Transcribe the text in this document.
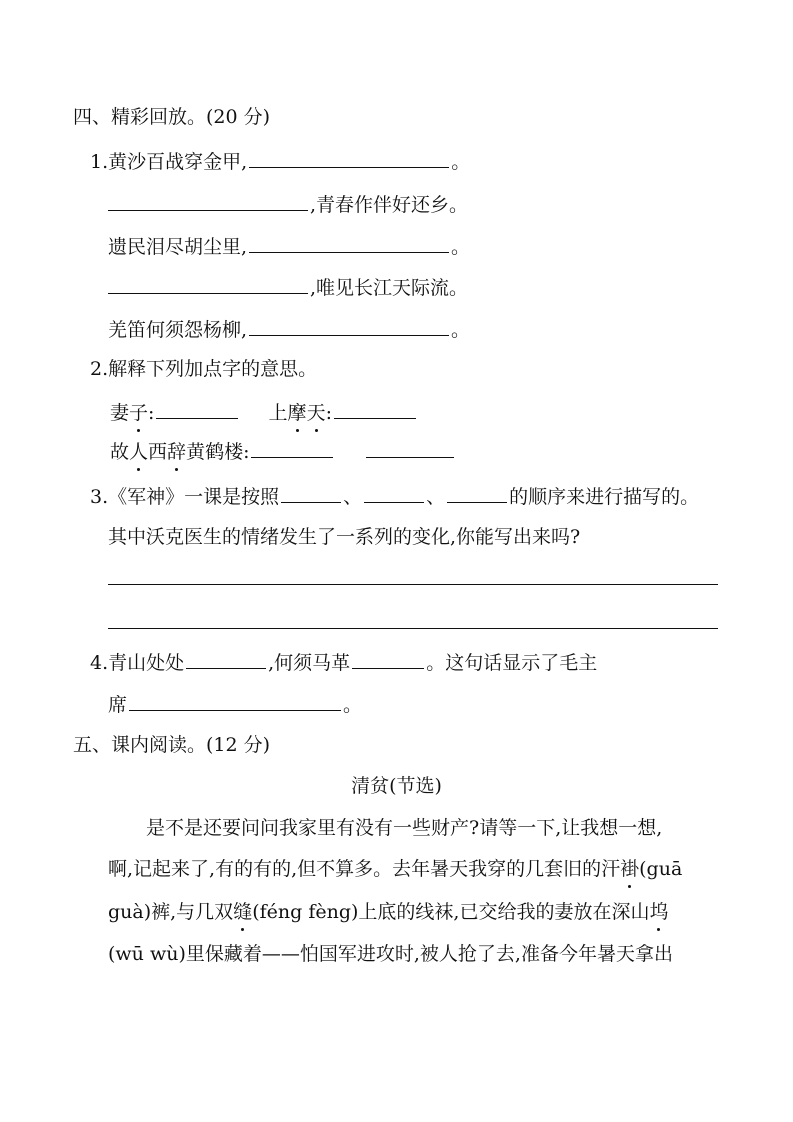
四、精彩回放。(20 分)
1.黄沙百战穿金甲,	。
,青春作伴好还乡。
遗民泪尽胡尘里,	。
,唯见长江天际流。
羌笛何须怨杨柳,	。
2.解释下列加点字的意思。
妻子:	上摩天:
故人西辞黄鹤楼:
3.《军神》一课是按照	、	、	的顺序来进行描写的。
其中沃克医生的情绪发生了一系列的变化,你能写出来吗?
4.青山处处	,何须马革	。这句话显示了毛主
席	。
五、课内阅读。(12 分)
清贫(节选)
是不是还要问问我家里有没有一些财产?请等一下,让我想一想,
啊,记起来了,有的有的,但不算多。去年暑天我穿的几套旧的汗褂(guā
guà)裤,与几双缝(féng fèng)上底的线袜,已交给我的妻放在深山坞
(wū wù)里保藏着——怕国军进攻时,被人抢了去,准备今年暑天拿出
